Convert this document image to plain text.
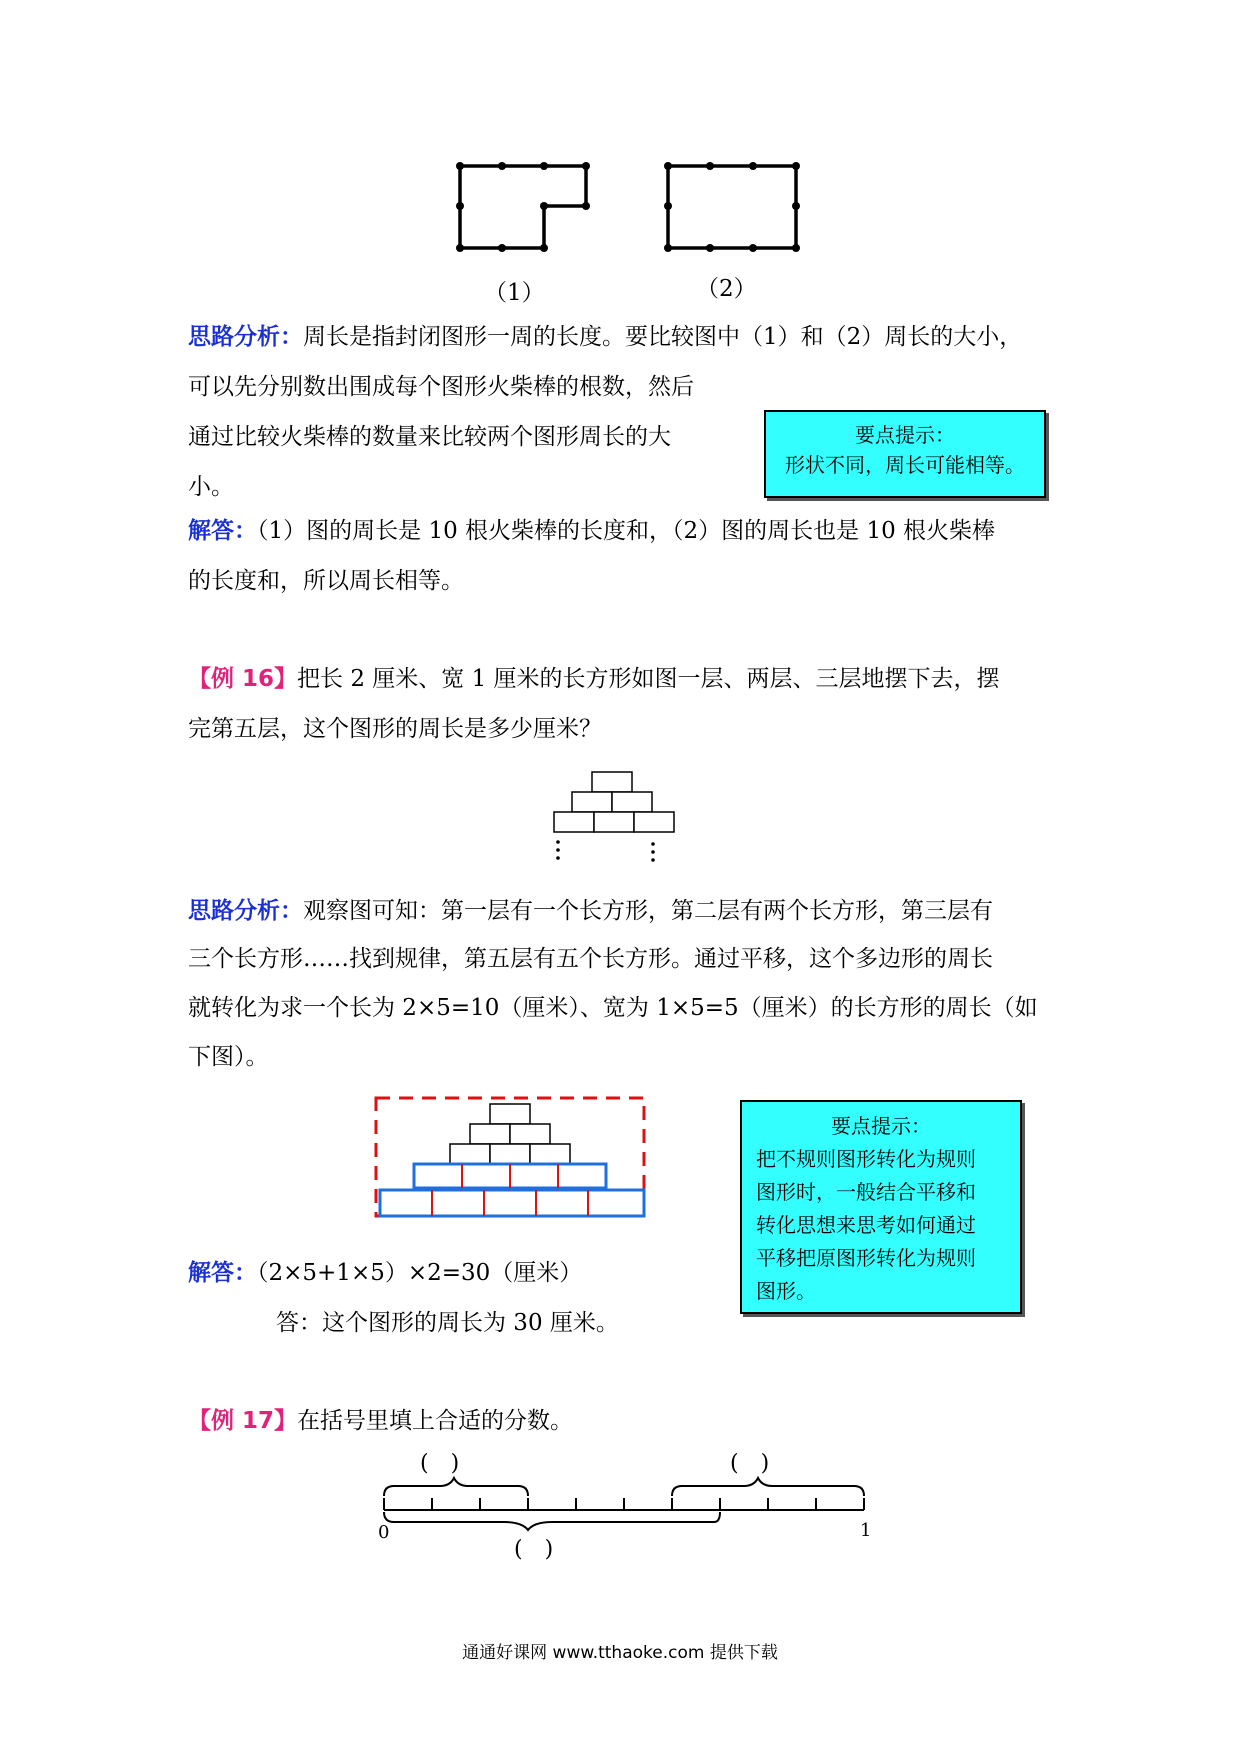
（1）	（2）
思路分析：周长是指封闭图形一周的长度。要比较图中（1）和（2）周长的大小，
可以先分别数出围成每个图形火柴棒的根数，然后
通过比较火柴棒的数量来比较两个图形周长的大
小。
要点提示：
形状不同，周长可能相等。
解答：（1）图的周长是 10 根火柴棒的长度和，（2）图的周长也是 10 根火柴棒
的长度和，所以周长相等。
【例 16】把长 2 厘米、宽 1 厘米的长方形如图一层、两层、三层地摆下去，摆
完第五层，这个图形的周长是多少厘米？
思路分析：观察图可知：第一层有一个长方形，第二层有两个长方形，第三层有
三个长方形……找到规律，第五层有五个长方形。通过平移，这个多边形的周长
就转化为求一个长为 2×5=10（厘米）、宽为 1×5=5（厘米）的长方形的周长（如
下图）。
要点提示：
把不规则图形转化为规则
图形时，一般结合平移和
转化思想来思考如何通过
平移把原图形转化为规则
图形。
解答：（2×5+1×5）×2=30（厘米）
答：这个图形的周长为 30 厘米。
【例 17】在括号里填上合适的分数。
(　)	(　)
(　)
0	1
通通好课网 www.tthaoke.com 提供下载
